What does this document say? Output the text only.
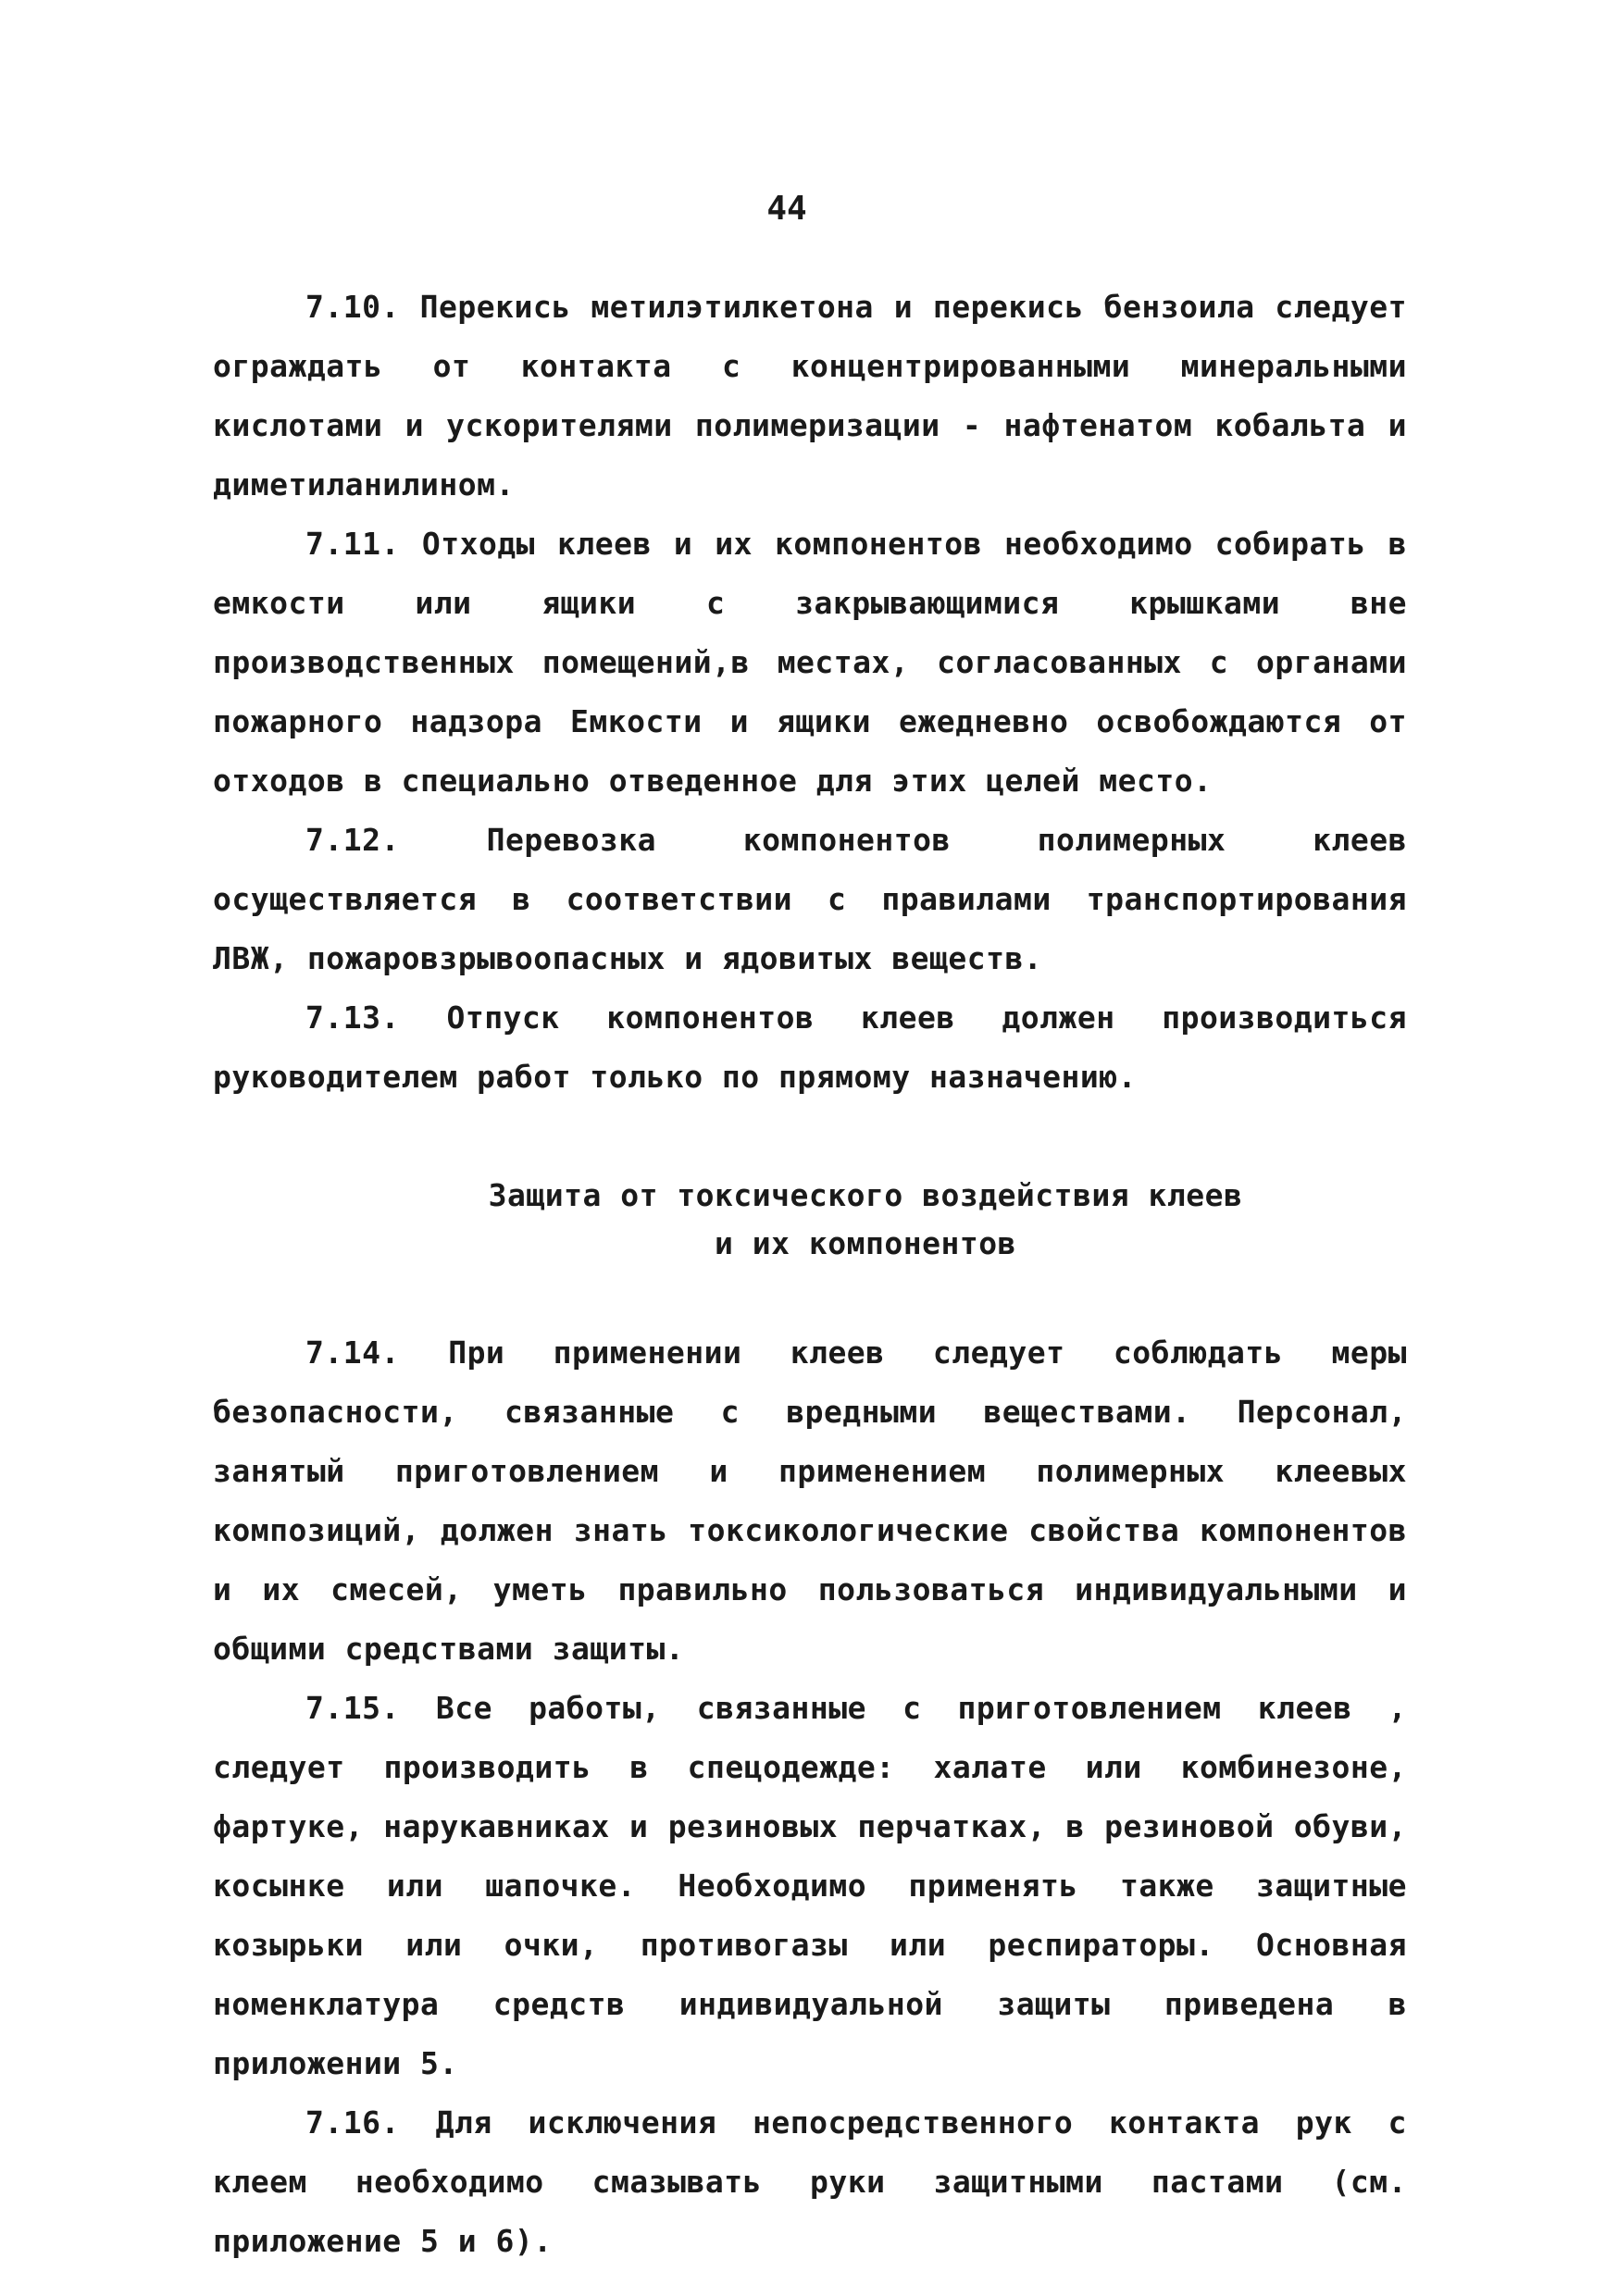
44

7.10. Перекись метилэтилкетона и перекись бензоила следует ограждать от контакта с концентрированными минеральными кислотами и ускорителями полимеризации - нафтенатом кобальта и диметиланилином.

7.11. Отходы клеев и их компонентов необходимо собирать в емкости или ящики с закрывающимися крышками вне производственных помещений,в местах, согласованных с органами пожарного надзора Емкости и ящики ежедневно освобождаются от отходов в специально отведенное для этих целей место.

7.12. Перевозка компонентов полимерных клеев осуществляется в соответствии с правилами транспортирования ЛВЖ, пожаровзрывоопасных и ядовитых веществ.

7.13. Отпуск компонентов клеев должен производиться руководителем работ только по прямому назначению.

Защита от токсического воздействия клеев
и их компонентов

7.14. При применении клеев следует соблюдать меры безопасности, связанные с вредными веществами. Персонал, занятый приготовлением и применением полимерных клеевых композиций, должен знать токсикологические свойства компонентов и их смесей, уметь правильно пользоваться индивидуальными и общими средствами защиты.

7.15. Все работы, связанные с приготовлением клеев , следует производить в спецодежде: халате или комбинезоне, фартуке, нарукавниках и резиновых перчатках, в резиновой обуви, косынке или шапочке. Необходимо применять также защитные козырьки или очки, противогазы или респираторы. Основная номенклатура средств индивидуальной защиты приведена в приложении 5.

7.16. Для исключения непосредственного контакта рук с клеем необходимо смазывать руки защитными пастами (см. приложение 5 и 6).
